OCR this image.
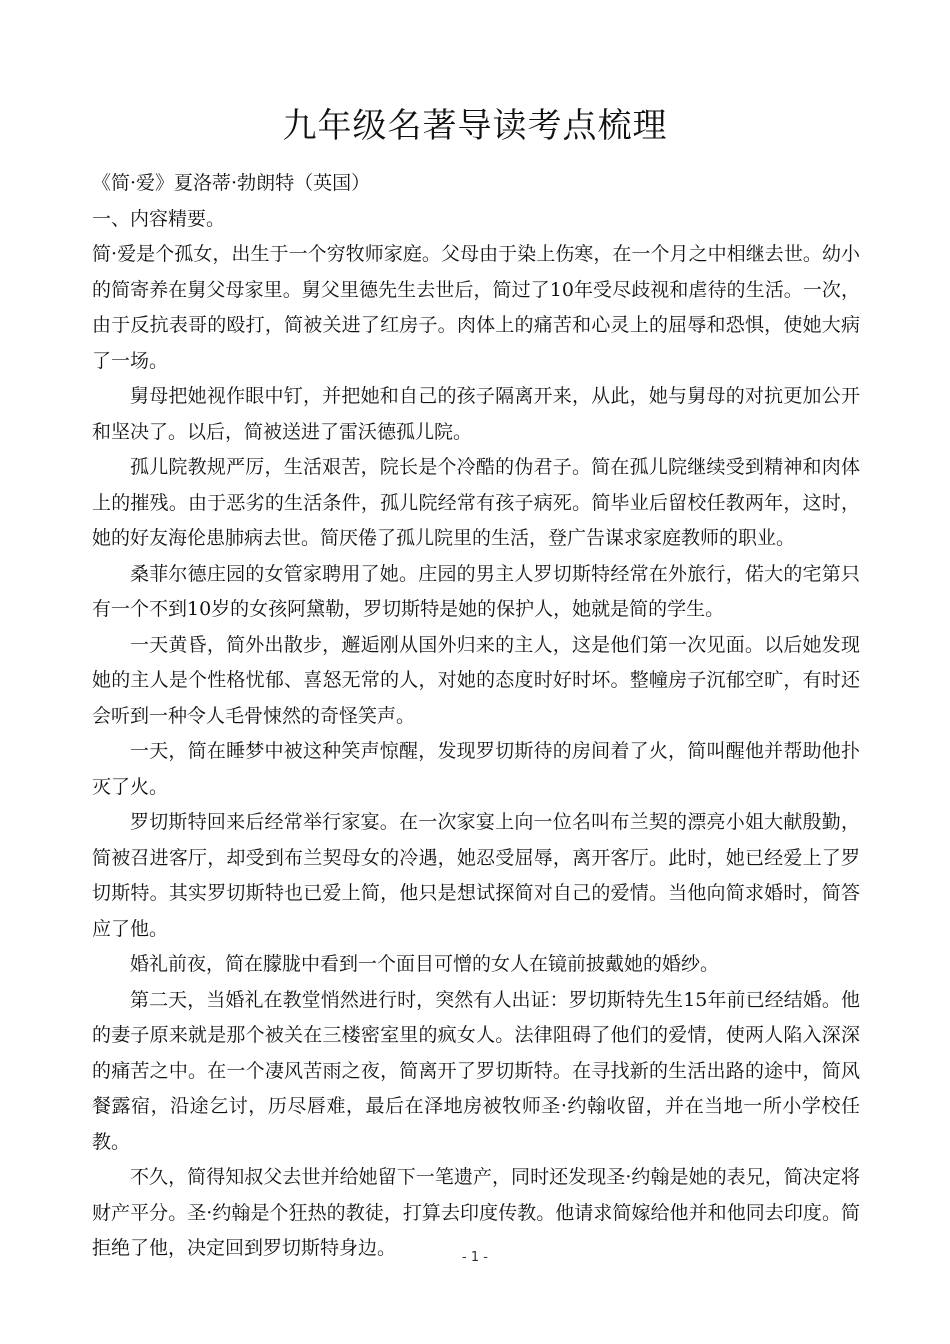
九年级名著导读考点梳理

《简·爱》夏洛蒂·勃朗特（英国）

一、内容精要。

简·爱是个孤女，出生于一个穷牧师家庭。父母由于染上伤寒，在一个月之中相继去世。幼小的简寄养在舅父母家里。舅父里德先生去世后，简过了10年受尽歧视和虐待的生活。一次，由于反抗表哥的殴打，简被关进了红房子。肉体上的痛苦和心灵上的屈辱和恐惧，使她大病了一场。

舅母把她视作眼中钉，并把她和自己的孩子隔离开来，从此，她与舅母的对抗更加公开和坚决了。以后，简被送进了雷沃德孤儿院。

孤儿院教规严厉，生活艰苦，院长是个冷酷的伪君子。简在孤儿院继续受到精神和肉体上的摧残。由于恶劣的生活条件，孤儿院经常有孩子病死。简毕业后留校任教两年，这时，她的好友海伦患肺病去世。简厌倦了孤儿院里的生活，登广告谋求家庭教师的职业。

桑菲尔德庄园的女管家聘用了她。庄园的男主人罗切斯特经常在外旅行，偌大的宅第只有一个不到10岁的女孩阿黛勒，罗切斯特是她的保护人，她就是简的学生。

一天黄昏，简外出散步，邂逅刚从国外归来的主人，这是他们第一次见面。以后她发现她的主人是个性格忧郁、喜怒无常的人，对她的态度时好时坏。整幢房子沉郁空旷，有时还会听到一种令人毛骨悚然的奇怪笑声。

一天，简在睡梦中被这种笑声惊醒，发现罗切斯待的房间着了火，简叫醒他并帮助他扑灭了火。

罗切斯特回来后经常举行家宴。在一次家宴上向一位名叫布兰契的漂亮小姐大献殷勤，简被召进客厅，却受到布兰契母女的冷遇，她忍受屈辱，离开客厅。此时，她已经爱上了罗切斯特。其实罗切斯特也已爱上简，他只是想试探简对自己的爱情。当他向简求婚时，简答应了他。

婚礼前夜，简在朦胧中看到一个面目可憎的女人在镜前披戴她的婚纱。

第二天，当婚礼在教堂悄然进行时，突然有人出证：罗切斯特先生15年前已经结婚。他的妻子原来就是那个被关在三楼密室里的疯女人。法律阻碍了他们的爱情，使两人陷入深深的痛苦之中。在一个凄风苦雨之夜，简离开了罗切斯特。在寻找新的生活出路的途中，简风餐露宿，沿途乞讨，历尽唇难，最后在泽地房被牧师圣·约翰收留，并在当地一所小学校任教。

不久，简得知叔父去世并给她留下一笔遗产，同时还发现圣·约翰是她的表兄，简决定将财产平分。圣·约翰是个狂热的教徒，打算去印度传教。他请求简嫁给他并和他同去印度。简拒绝了他，决定回到罗切斯特身边。	- 1 -
